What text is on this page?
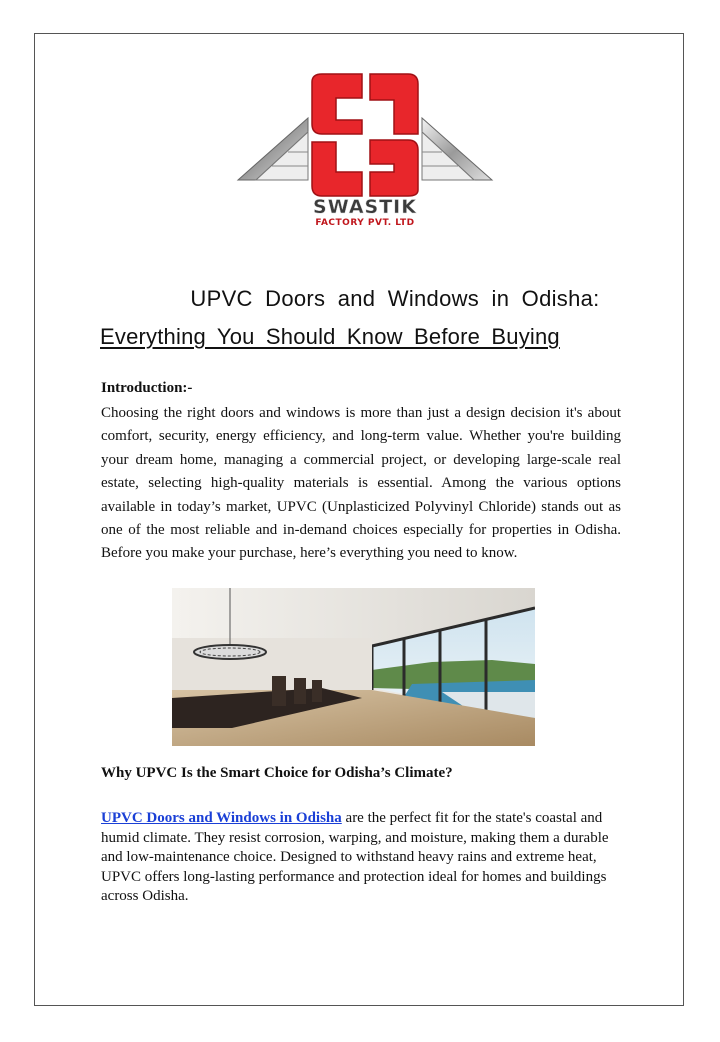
SWASTIK
FACTORY PVT. LTD
UPVC Doors and Windows in Odisha:
Everything You Should Know Before Buying
Introduction:-

Choosing the right doors and windows is more than just a design decision it's about comfort, security, energy efficiency, and long-term value. Whether you're building your dream home, managing a commercial project, or developing large-scale real estate, selecting high-quality materials is essential. Among the various options available in today’s market, UPVC (Unplasticized Polyvinyl Chloride) stands out as one of the most reliable and in-demand choices especially for properties in Odisha. Before you make your purchase, here’s everything you need to know.

Why UPVC Is the Smart Choice for Odisha’s Climate?

UPVC Doors and Windows in Odisha are the perfect fit for the state's coastal and humid climate. They resist corrosion, warping, and moisture, making them a durable and low-maintenance choice. Designed to withstand heavy rains and extreme heat, UPVC offers long-lasting performance and protection ideal for homes and buildings across Odisha.
